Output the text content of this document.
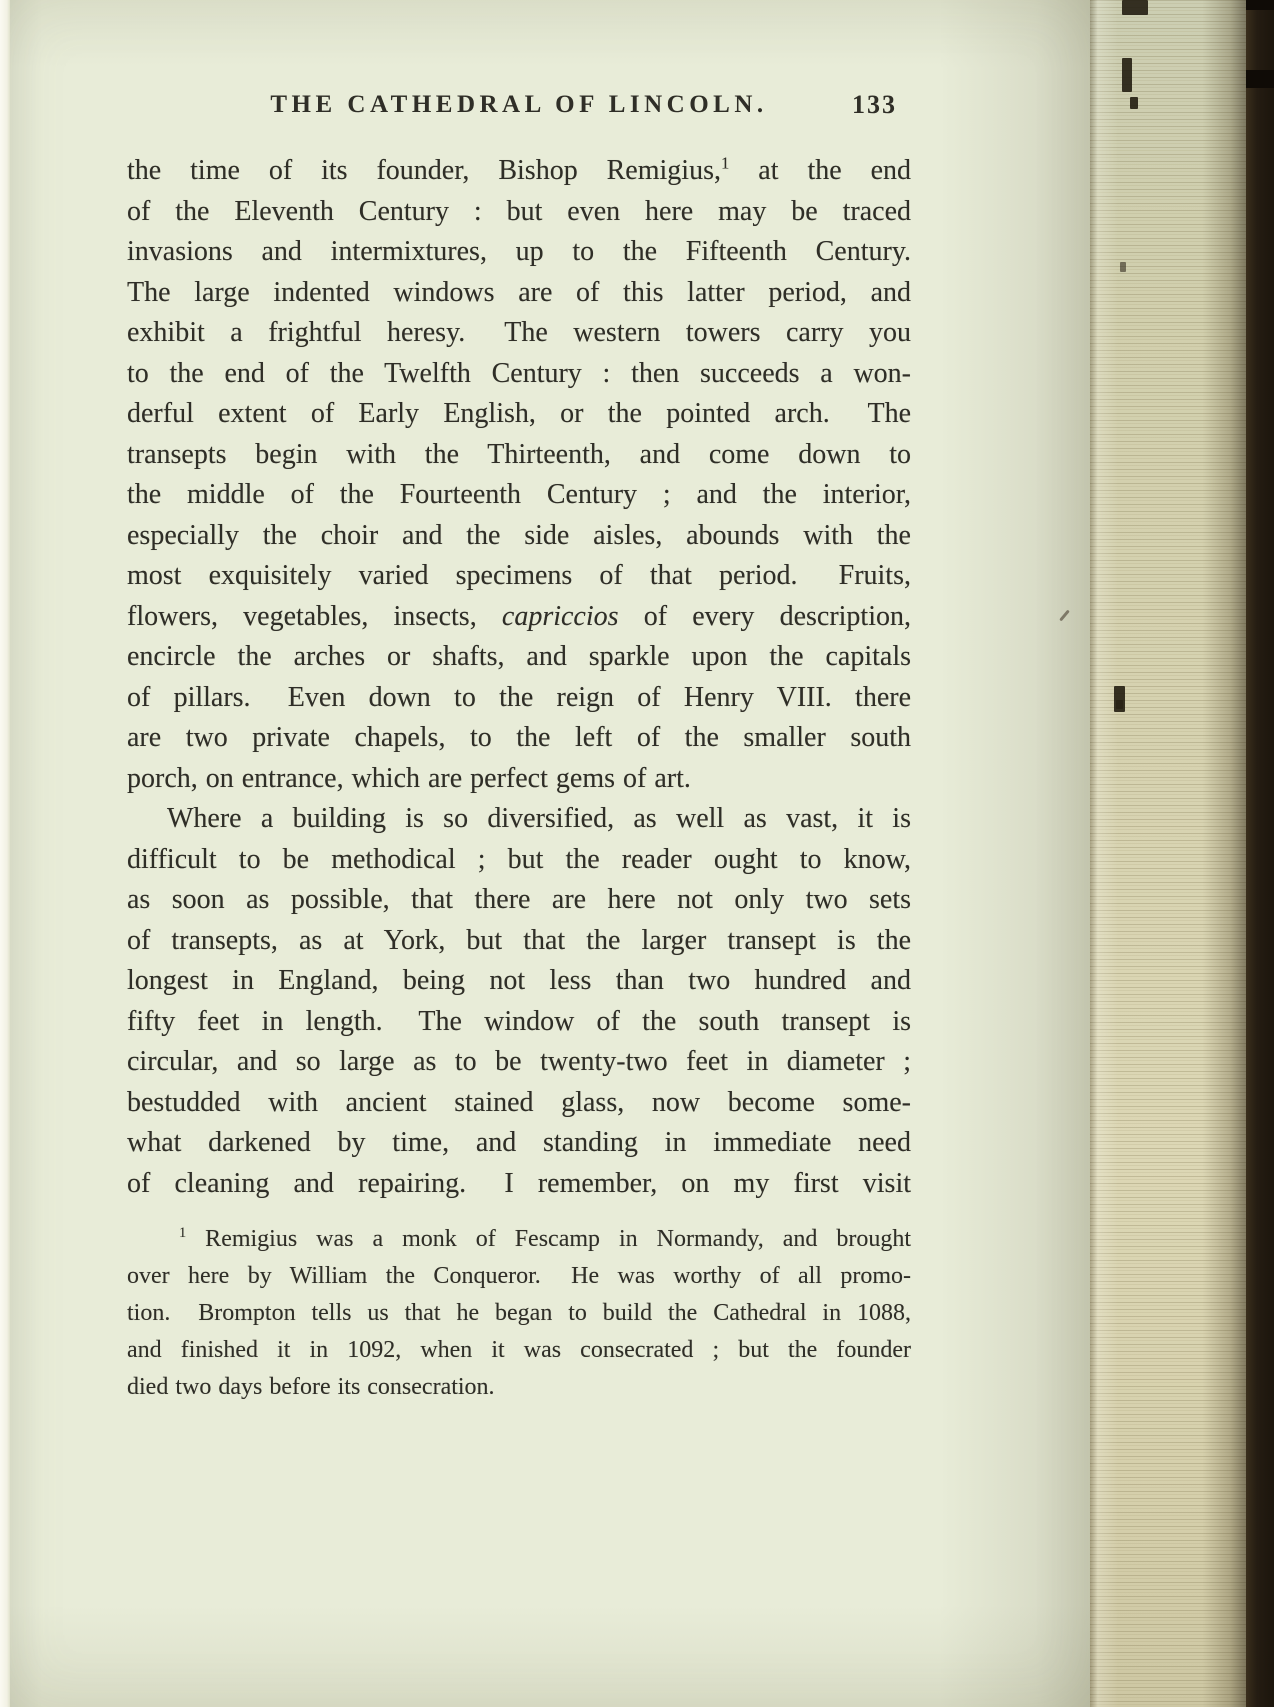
THE CATHEDRAL OF LINCOLN.	133
the time of its founder, Bishop Remigius,$^1$ at the end
of the Eleventh Century : but even here may be traced
invasions and intermixtures, up to the Fifteenth Century.
The large indented windows are of this latter period, and
exhibit a frightful heresy.  The western towers carry you
to the end of the Twelfth Century : then succeeds a won-
derful extent of Early English, or the pointed arch.  The
transepts begin with the Thirteenth, and come down to
the middle of the Fourteenth Century ; and the interior,
especially the choir and the side aisles, abounds with the
most exquisitely varied specimens of that period.  Fruits,
flowers, vegetables, insects, capriccios of every description,
encircle the arches or shafts, and sparkle upon the capitals
of pillars.  Even down to the reign of Henry VIII. there
are two private chapels, to the left of the smaller south
porch, on entrance, which are perfect gems of art.
Where a building is so diversified, as well as vast, it is
difficult to be methodical ; but the reader ought to know,
as soon as possible, that there are here not only two sets
of transepts, as at York, but that the larger transept is the
longest in England, being not less than two hundred and
fifty feet in length.  The window of the south transept is
circular, and so large as to be twenty-two feet in diameter ;
bestudded with ancient stained glass, now become some-
what darkened by time, and standing in immediate need
of cleaning and repairing.  I remember, on my first visit
$^1$ Remigius was a monk of Fescamp in Normandy, and brought
over here by William the Conqueror.  He was worthy of all promo-
tion.  Brompton tells us that he began to build the Cathedral in 1088,
and finished it in 1092, when it was consecrated ; but the founder
died two days before its consecration.
